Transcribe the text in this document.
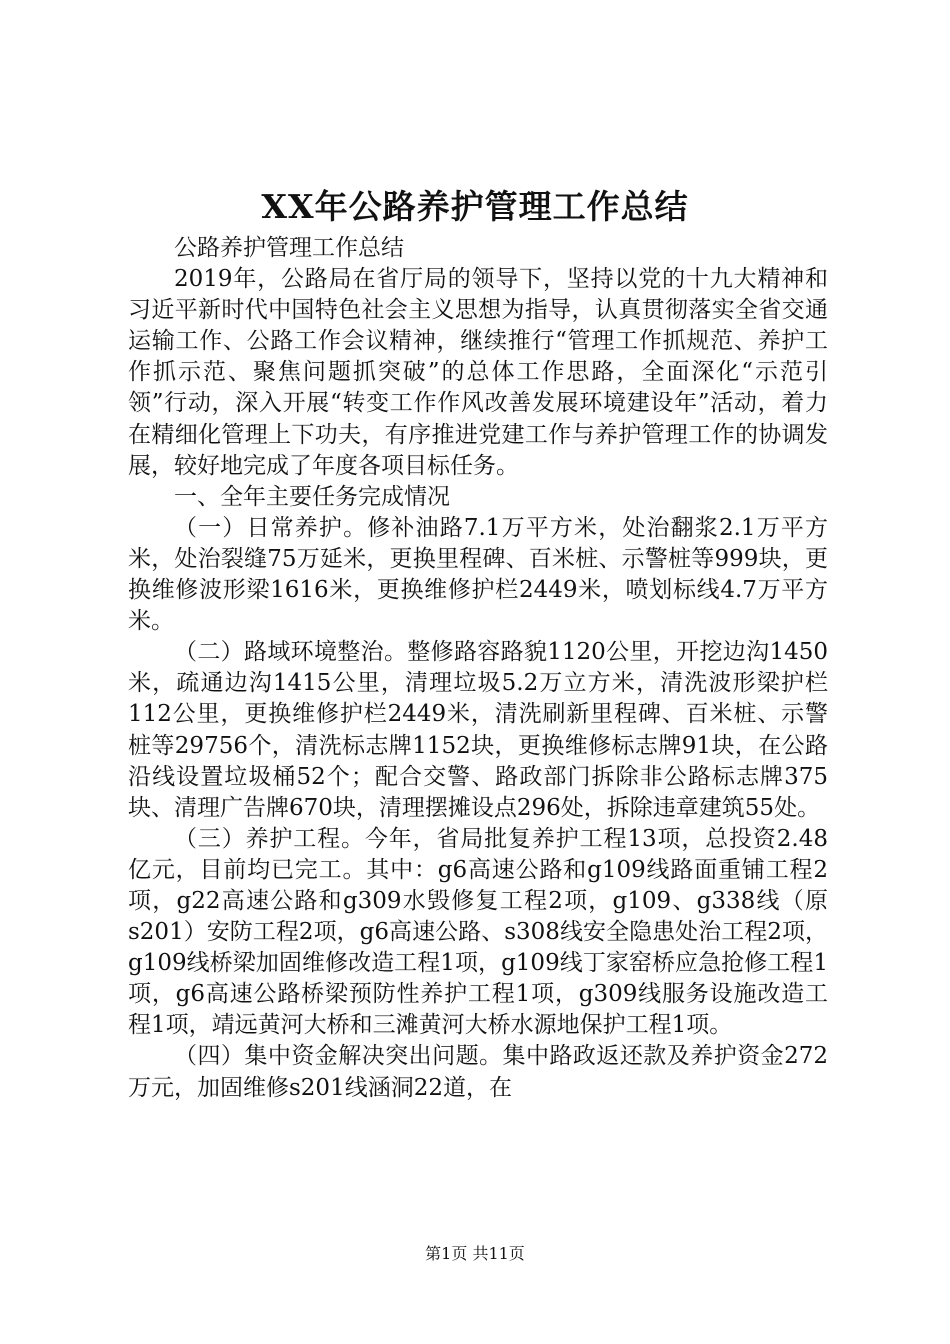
XX年公路养护管理工作总结

公路养护管理工作总结

2019年，公路局在省厅局的领导下，坚持以党的十九大精神和习近平新时代中国特色社会主义思想为指导，认真贯彻落实全省交通运输工作、公路工作会议精神，继续推行“管理工作抓规范、养护工作抓示范、聚焦问题抓突破”的总体工作思路，全面深化“示范引领”行动，深入开展“转变工作作风改善发展环境建设年”活动，着力在精细化管理上下功夫，有序推进党建工作与养护管理工作的协调发展，较好地完成了年度各项目标任务。

一、全年主要任务完成情况

（一）日常养护。修补油路7.1万平方米，处治翻浆2.1万平方米，处治裂缝75万延米，更换里程碑、百米桩、示警桩等999块，更换维修波形梁1616米，更换维修护栏2449米，喷划标线4.7万平方米。

（二）路域环境整治。整修路容路貌1120公里，开挖边沟1450米，疏通边沟1415公里，清理垃圾5.2万立方米，清洗波形梁护栏112公里，更换维修护栏2449米，清洗刷新里程碑、百米桩、示警桩等29756个，清洗标志牌1152块，更换维修标志牌91块，在公路沿线设置垃圾桶52个；配合交警、路政部门拆除非公路标志牌375块、清理广告牌670块，清理摆摊设点296处，拆除违章建筑55处。

（三）养护工程。今年，省局批复养护工程13项，总投资2.48亿元，目前均已完工。其中：g6高速公路和g109线路面重铺工程2项，g22高速公路和g309水毁修复工程2项，g109、g338线（原s201）安防工程2项，g6高速公路、s308线安全隐患处治工程2项，g109线桥梁加固维修改造工程1项，g109线丁家窑桥应急抢修工程1项，g6高速公路桥梁预防性养护工程1项，g309线服务设施改造工程1项，靖远黄河大桥和三滩黄河大桥水源地保护工程1项。

（四）集中资金解决突出问题。集中路政返还款及养护资金272万元，加固维修s201线涵洞22道，在

第1页 共11页
